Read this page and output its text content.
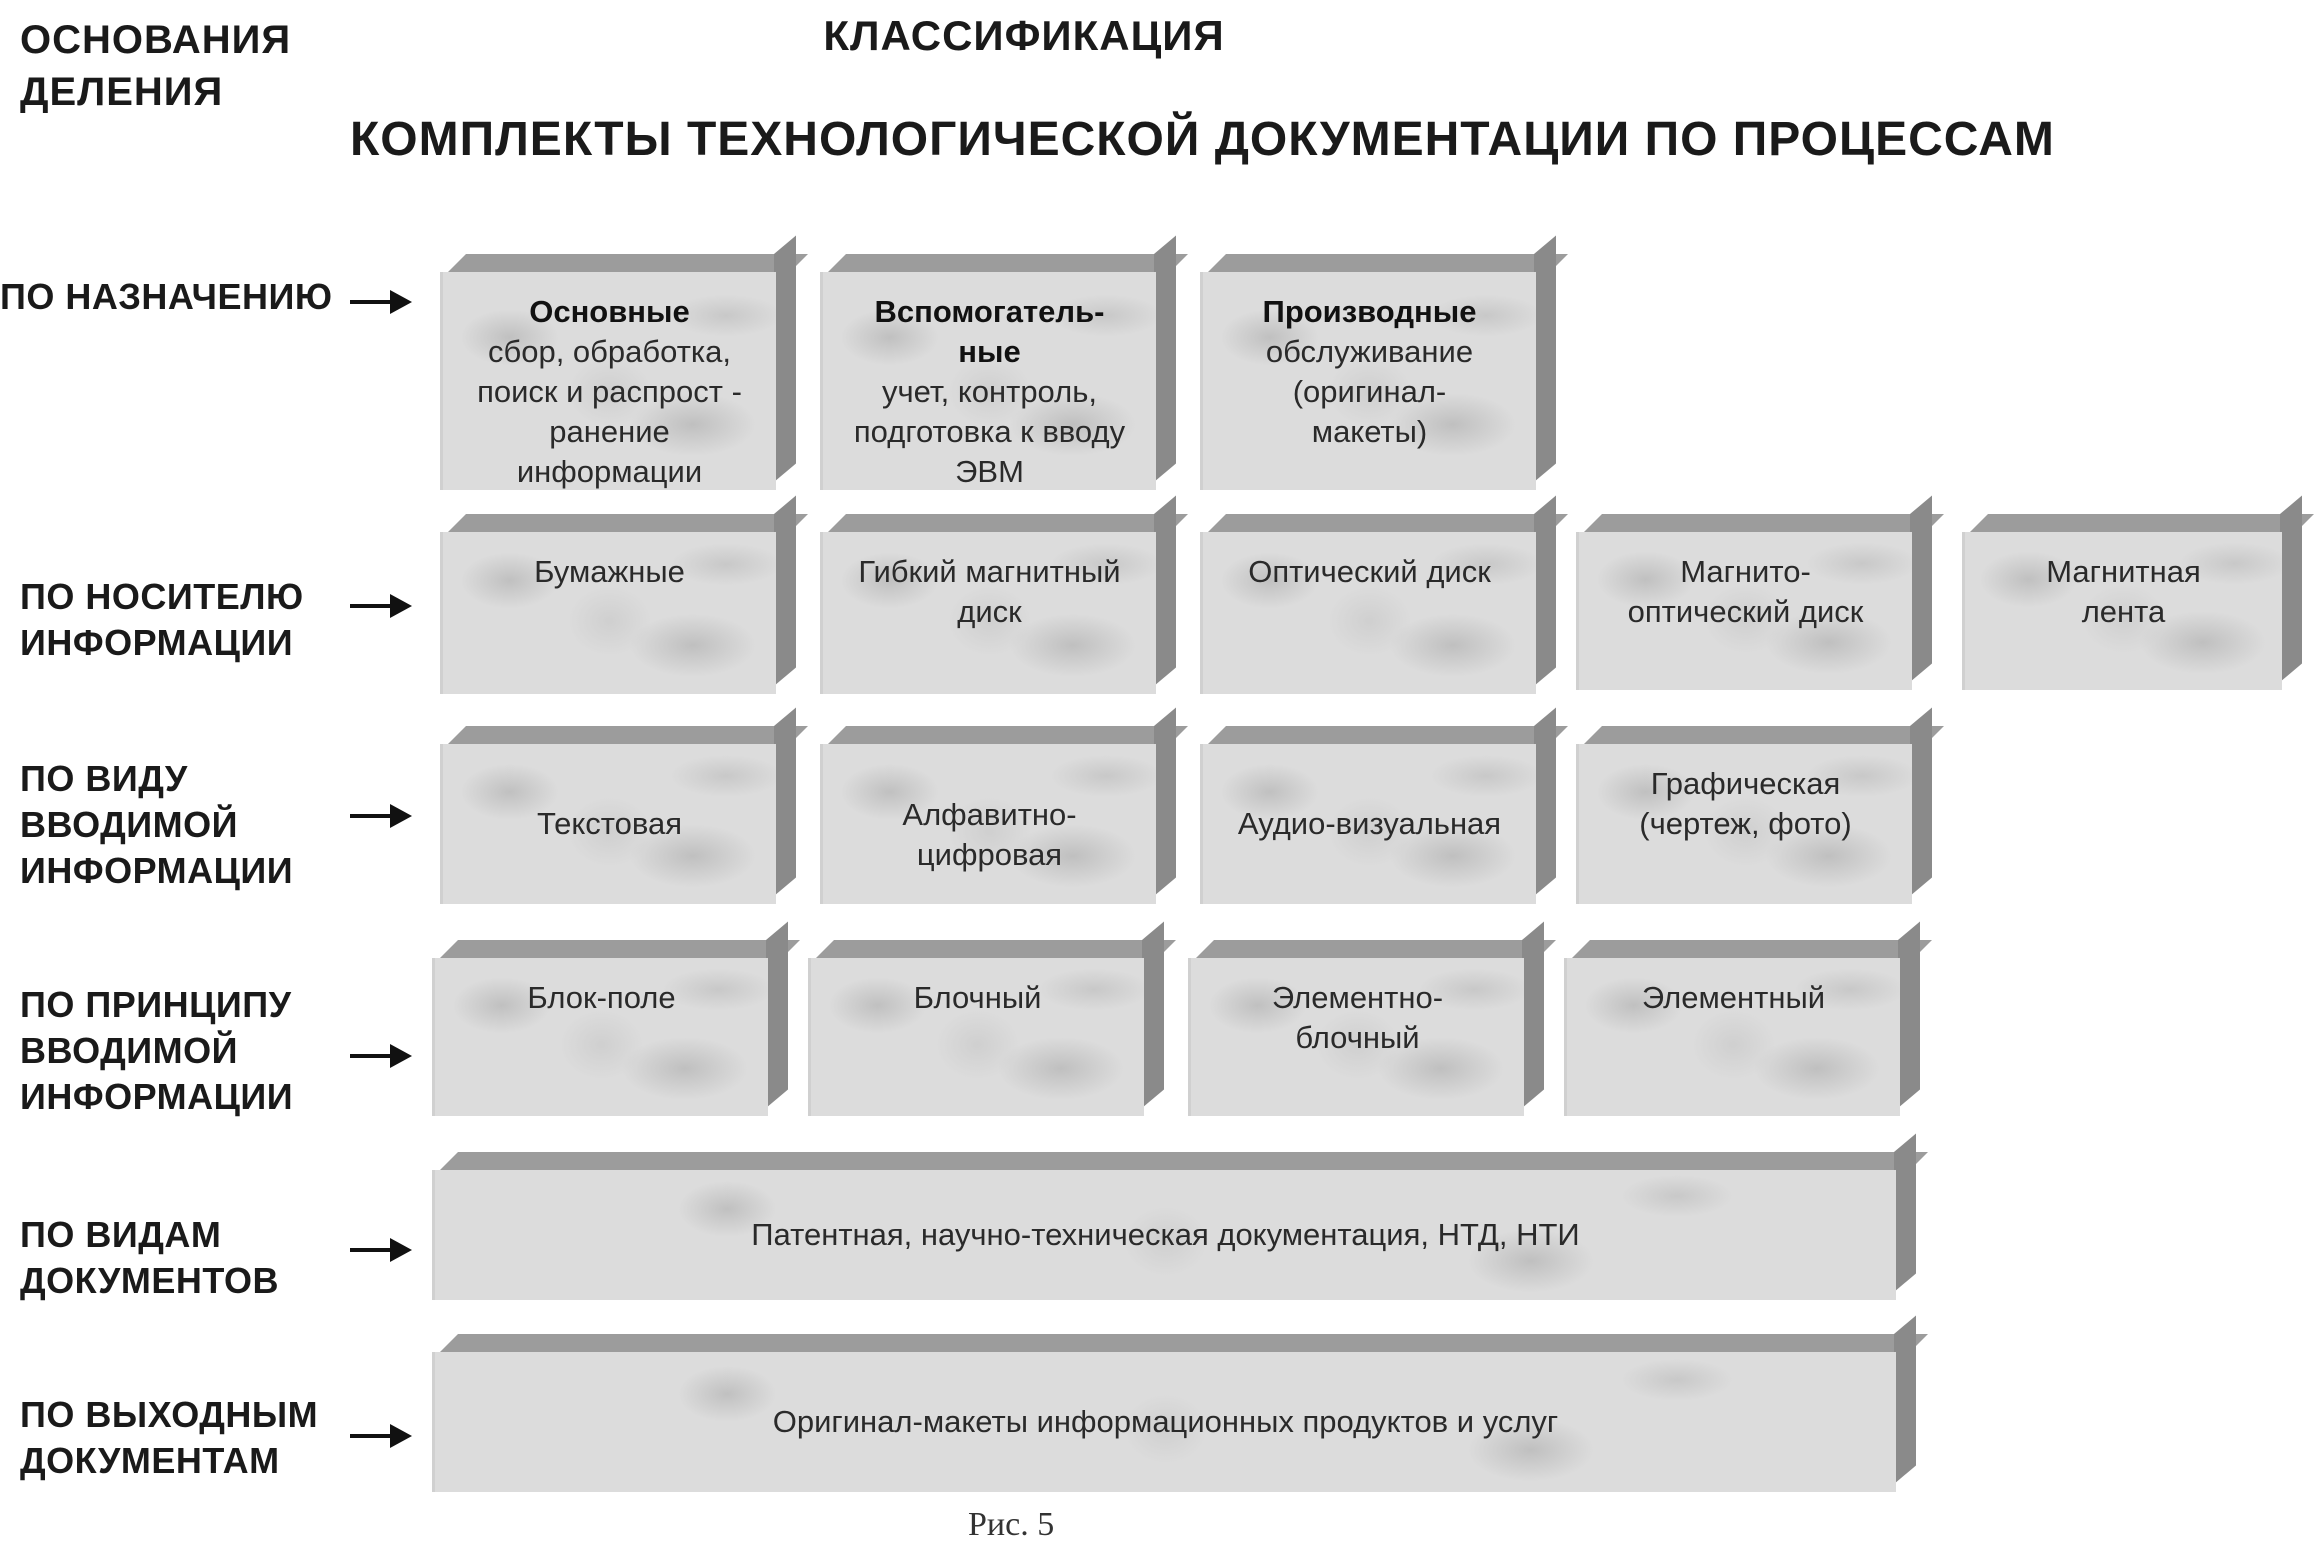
ОСНОВАНИЯ
ДЕЛЕНИЯ
КЛАССИФИКАЦИЯ
КОМПЛЕКТЫ ТЕХНОЛОГИЧЕСКОЙ ДОКУМЕНТАЦИИ ПО ПРОЦЕССАМ
ПО НАЗНАЧЕНИЮ
ПО НОСИТЕЛЮ
ИНФОРМАЦИИ
ПО ВИДУ
ВВОДИМОЙ
ИНФОРМАЦИИ
ПО ПРИНЦИПУ
ВВОДИМОЙ
ИНФОРМАЦИИ
ПО ВИДАМ
ДОКУМЕНТОВ
ПО ВЫХОДНЫМ
ДОКУМЕНТАМ
Основные
сбор, обработка,
поиск и распрост -
ранение
информации
Вспомогатель-
ные
учет, контроль,
подготовка к вводу
ЭВМ
Производные
обслуживание
(оригинал-
макеты)
Бумажные	Гибкий магнитный
диск
Оптический диск	Магнито-
оптический диск
Магнитная
лента
Текстовая	Алфавитно-
цифровая
Аудио-визуальная
Графическая
(чертеж, фото)
Блок-поле	Блочный	Элементно-
блочный
Элементный
Патентная, научно-техническая документация, НТД, НТИ
Оригинал-макеты информационных продуктов и услуг
Рис. 5
